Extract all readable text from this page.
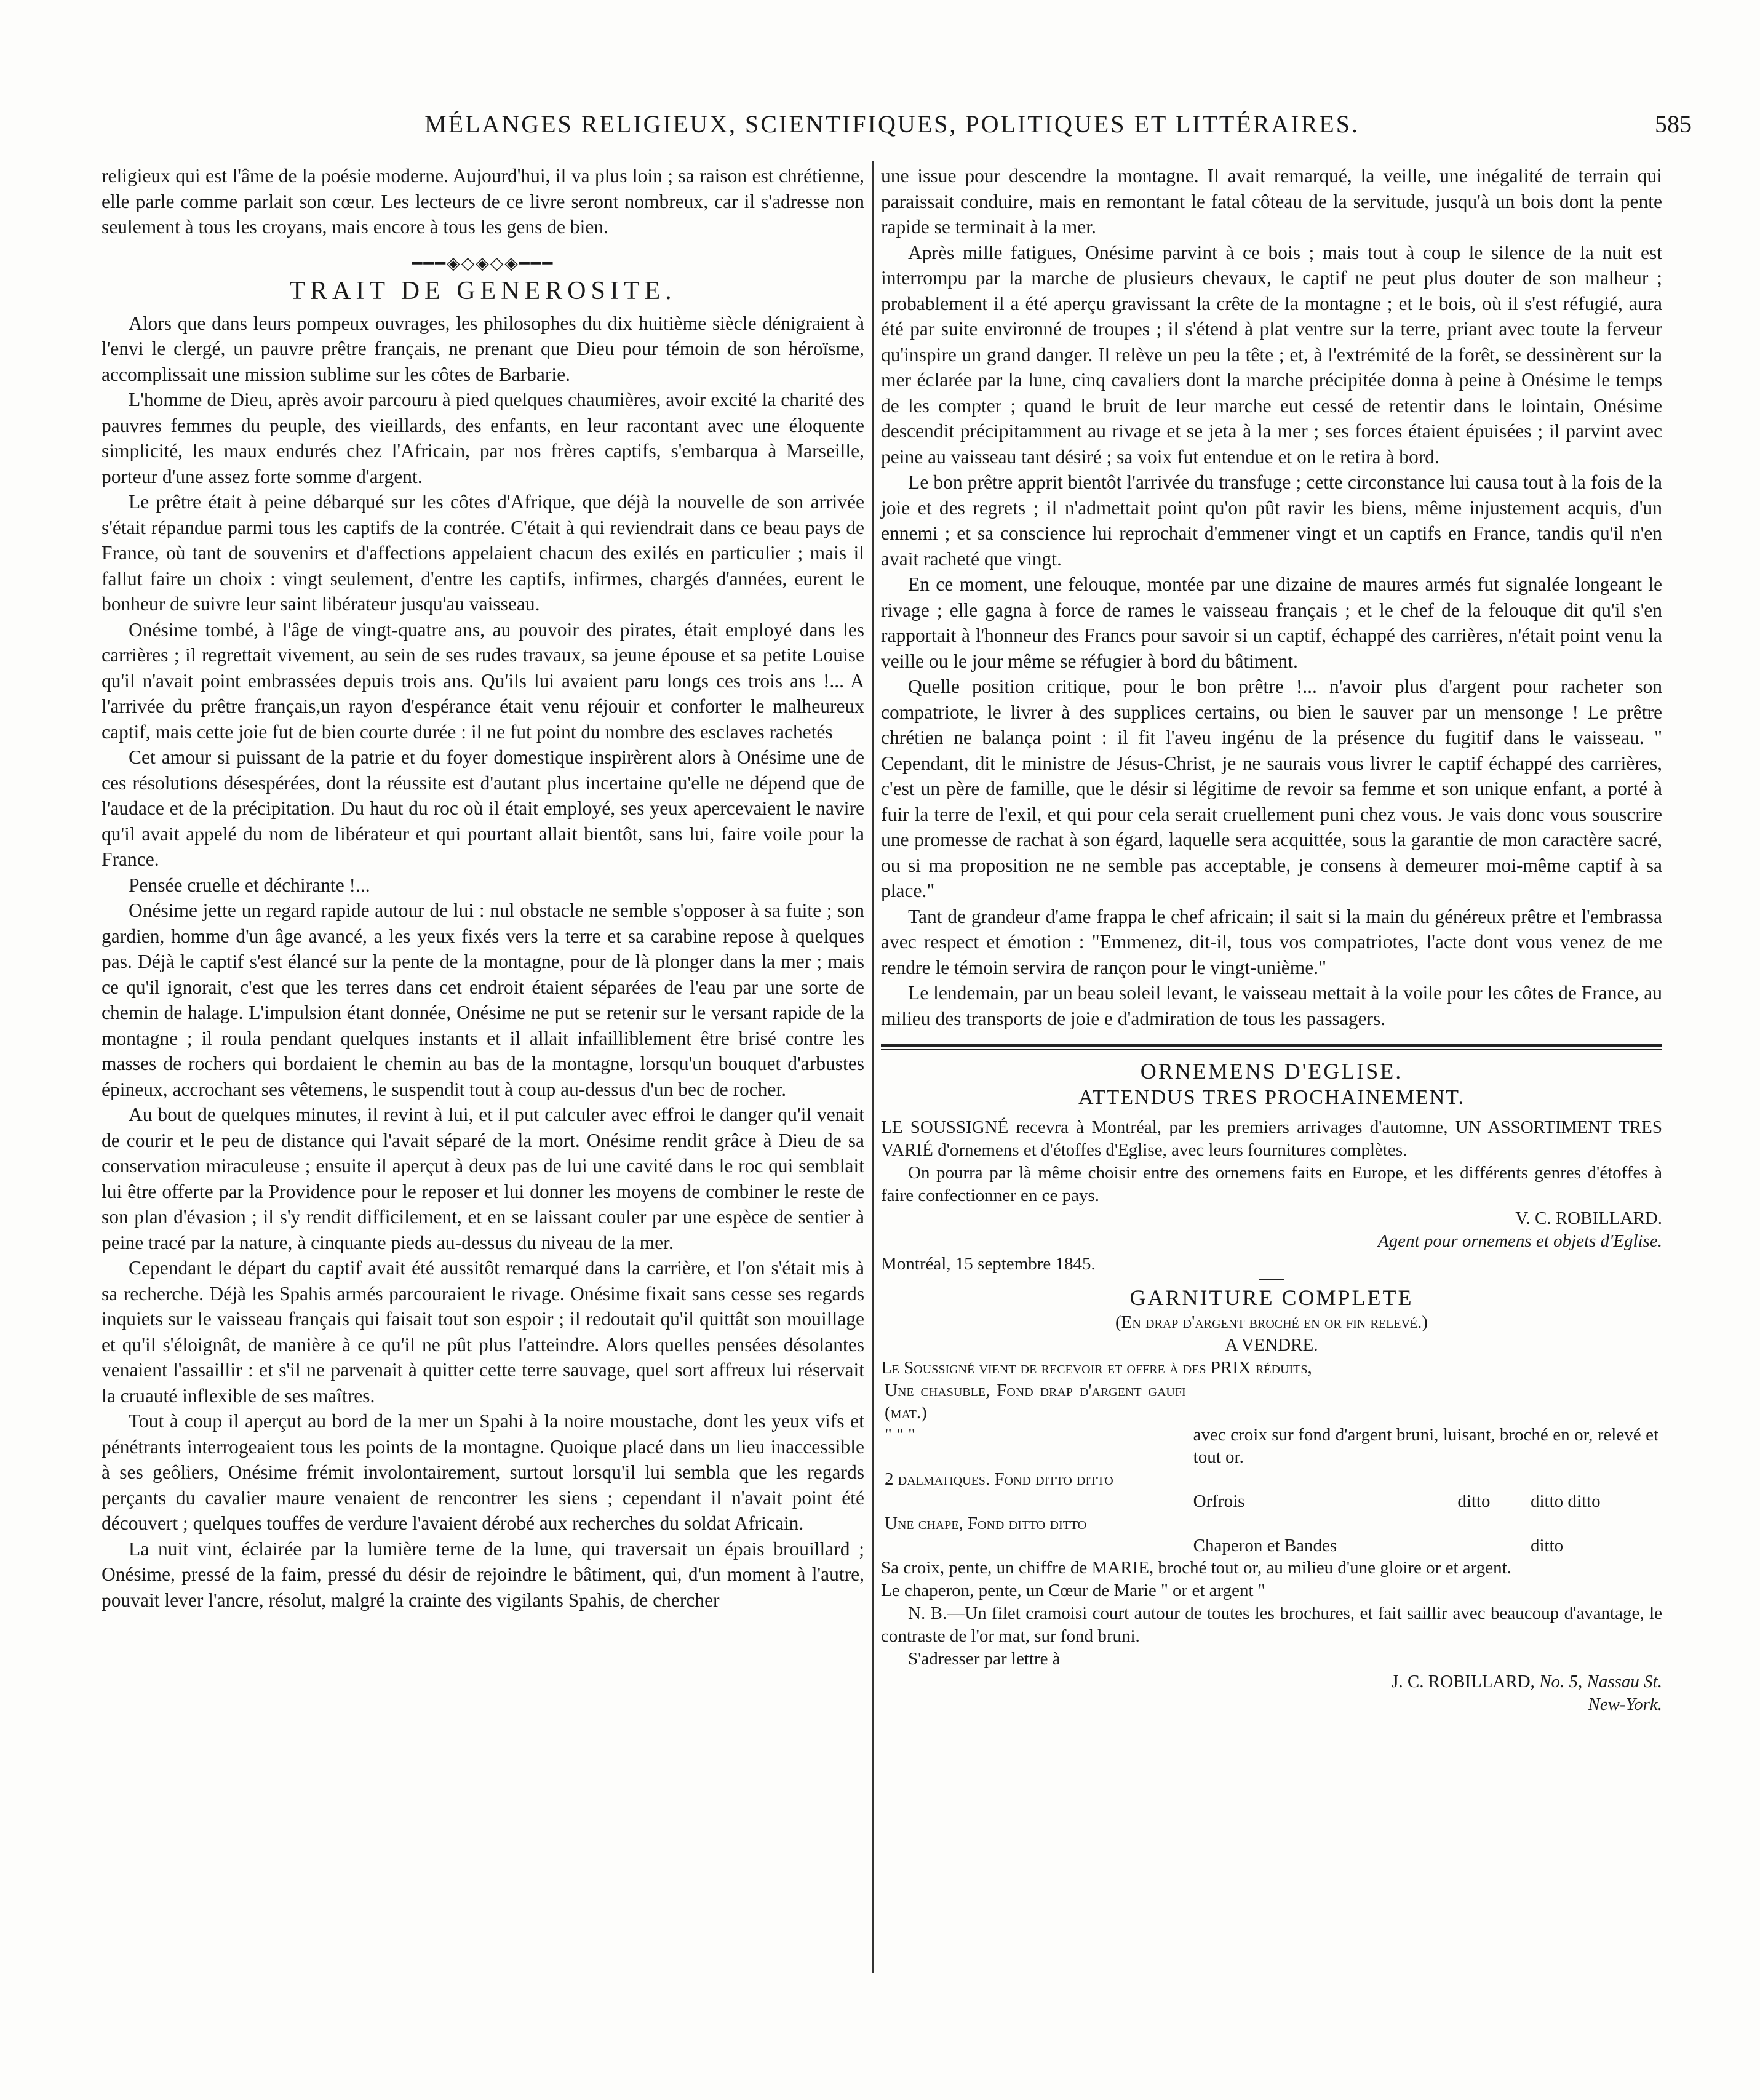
MÉLANGES RELIGIEUX, SCIENTIFIQUES, POLITIQUES ET LITTÉRAIRES.	585

religieux qui est l'âme de la poésie moderne. Aujourd'hui, il va plus loin ; sa raison est chrétienne, elle parle comme parlait son cœur. Les lecteurs de ce livre seront nombreux, car il s'adresse non seulement à tous les croyans, mais encore à tous les gens de bien.

━━━◈◇◈◇◈━━━
TRAIT DE GENEROSITE.

Alors que dans leurs pompeux ouvrages, les philosophes du dix huitième siècle dénigraient à l'envi le clergé, un pauvre prêtre français, ne prenant que Dieu pour témoin de son héroïsme, accomplissait une mission sublime sur les côtes de Barbarie.

L'homme de Dieu, après avoir parcouru à pied quelques chaumières, avoir excité la charité des pauvres femmes du peuple, des vieillards, des enfants, en leur racontant avec une éloquente simplicité, les maux endurés chez l'Africain, par nos frères captifs, s'embarqua à Marseille, porteur d'une assez forte somme d'argent.

Le prêtre était à peine débarqué sur les côtes d'Afrique, que déjà la nouvelle de son arrivée s'était répandue parmi tous les captifs de la contrée. C'était à qui reviendrait dans ce beau pays de France, où tant de souvenirs et d'affections appelaient chacun des exilés en particulier ; mais il fallut faire un choix : vingt seulement, d'entre les captifs, infirmes, chargés d'années, eurent le bonheur de suivre leur saint libérateur jusqu'au vaisseau.

Onésime tombé, à l'âge de vingt-quatre ans, au pouvoir des pirates, était employé dans les carrières ; il regrettait vivement, au sein de ses rudes travaux, sa jeune épouse et sa petite Louise qu'il n'avait point embrassées depuis trois ans. Qu'ils lui avaient paru longs ces trois ans !... A l'arrivée du prêtre français,un rayon d'espérance était venu réjouir et conforter le malheureux captif, mais cette joie fut de bien courte durée : il ne fut point du nombre des esclaves rachetés

Cet amour si puissant de la patrie et du foyer domestique inspirèrent alors à Onésime une de ces résolutions désespérées, dont la réussite est d'autant plus incertaine qu'elle ne dépend que de l'audace et de la précipitation. Du haut du roc où il était employé, ses yeux apercevaient le navire qu'il avait appelé du nom de libérateur et qui pourtant allait bientôt, sans lui, faire voile pour la France.

Pensée cruelle et déchirante !...

Onésime jette un regard rapide autour de lui : nul obstacle ne semble s'opposer à sa fuite ; son gardien, homme d'un âge avancé, a les yeux fixés vers la terre et sa carabine repose à quelques pas. Déjà le captif s'est élancé sur la pente de la montagne, pour de là plonger dans la mer ; mais ce qu'il ignorait, c'est que les terres dans cet endroit étaient séparées de l'eau par une sorte de chemin de halage. L'impulsion étant donnée, Onésime ne put se retenir sur le versant rapide de la montagne ; il roula pendant quelques instants et il allait infailliblement être brisé contre les masses de rochers qui bordaient le chemin au bas de la montagne, lorsqu'un bouquet d'arbustes épineux, accrochant ses vêtemens, le suspendit tout à coup au-dessus d'un bec de rocher.

Au bout de quelques minutes, il revint à lui, et il put calculer avec effroi le danger qu'il venait de courir et le peu de distance qui l'avait séparé de la mort. Onésime rendit grâce à Dieu de sa conservation miraculeuse ; ensuite il aperçut à deux pas de lui une cavité dans le roc qui semblait lui être offerte par la Providence pour le reposer et lui donner les moyens de combiner le reste de son plan d'évasion ; il s'y rendit difficilement, et en se laissant couler par une espèce de sentier à peine tracé par la nature, à cinquante pieds au-dessus du niveau de la mer.

Cependant le départ du captif avait été aussitôt remarqué dans la carrière, et l'on s'était mis à sa recherche. Déjà les Spahis armés parcouraient le rivage. Onésime fixait sans cesse ses regards inquiets sur le vaisseau français qui faisait tout son espoir ; il redoutait qu'il quittât son mouillage et qu'il s'éloignât, de manière à ce qu'il ne pût plus l'atteindre. Alors quelles pensées désolantes venaient l'assaillir : et s'il ne parvenait à quitter cette terre sauvage, quel sort affreux lui réservait la cruauté inflexible de ses maîtres.

Tout à coup il aperçut au bord de la mer un Spahi à la noire moustache, dont les yeux vifs et pénétrants interrogeaient tous les points de la montagne. Quoique placé dans un lieu inaccessible à ses geôliers, Onésime frémit involontairement, surtout lorsqu'il lui sembla que les regards perçants du cavalier maure venaient de rencontrer les siens ; cependant il n'avait point été découvert ; quelques touffes de verdure l'avaient dérobé aux recherches du soldat Africain.

La nuit vint, éclairée par la lumière terne de la lune, qui traversait un épais brouillard ; Onésime, pressé de la faim, pressé du désir de rejoindre le bâtiment, qui, d'un moment à l'autre, pouvait lever l'ancre, résolut, malgré la crainte des vigilants Spahis, de chercher

une issue pour descendre la montagne. Il avait remarqué, la veille, une inégalité de terrain qui paraissait conduire, mais en remontant le fatal côteau de la servitude, jusqu'à un bois dont la pente rapide se terminait à la mer.

Après mille fatigues, Onésime parvint à ce bois ; mais tout à coup le silence de la nuit est interrompu par la marche de plusieurs chevaux, le captif ne peut plus douter de son malheur ; probablement il a été aperçu gravissant la crête de la montagne ; et le bois, où il s'est réfugié, aura été par suite environné de troupes ; il s'étend à plat ventre sur la terre, priant avec toute la ferveur qu'inspire un grand danger. Il relève un peu la tête ; et, à l'extrémité de la forêt, se dessinèrent sur la mer éclarée par la lune, cinq cavaliers dont la marche précipitée donna à peine à Onésime le temps de les compter ; quand le bruit de leur marche eut cessé de retentir dans le lointain, Onésime descendit précipitamment au rivage et se jeta à la mer ; ses forces étaient épuisées ; il parvint avec peine au vaisseau tant désiré ; sa voix fut entendue et on le retira à bord.

Le bon prêtre apprit bientôt l'arrivée du transfuge ; cette circonstance lui causa tout à la fois de la joie et des regrets ; il n'admettait point qu'on pût ravir les biens, même injustement acquis, d'un ennemi ; et sa conscience lui reprochait d'emmener vingt et un captifs en France, tandis qu'il n'en avait racheté que vingt.

En ce moment, une felouque, montée par une dizaine de maures armés fut signalée longeant le rivage ; elle gagna à force de rames le vaisseau français ; et le chef de la felouque dit qu'il s'en rapportait à l'honneur des Francs pour savoir si un captif, échappé des carrières, n'était point venu la veille ou le jour même se réfugier à bord du bâtiment.

Quelle position critique, pour le bon prêtre !... n'avoir plus d'argent pour racheter son compatriote, le livrer à des supplices certains, ou bien le sauver par un mensonge ! Le prêtre chrétien ne balança point : il fit l'aveu ingénu de la présence du fugitif dans le vaisseau. " Cependant, dit le ministre de Jésus-Christ, je ne saurais vous livrer le captif échappé des carrières, c'est un père de famille, que le désir si légitime de revoir sa femme et son unique enfant, a porté à fuir la terre de l'exil, et qui pour cela serait cruellement puni chez vous. Je vais donc vous souscrire une promesse de rachat à son égard, laquelle sera acquittée, sous la garantie de mon caractère sacré, ou si ma proposition ne ne semble pas acceptable, je consens à demeurer moi-même captif à sa place."

Tant de grandeur d'ame frappa le chef africain; il sait si la main du généreux prêtre et l'embrassa avec respect et émotion : "Emmenez, dit-il, tous vos compatriotes, l'acte dont vous venez de me rendre le témoin servira de rançon pour le vingt-unième."

Le lendemain, par un beau soleil levant, le vaisseau mettait à la voile pour les côtes de France, au milieu des transports de joie e d'admiration de tous les passagers.

ORNEMENS D'EGLISE.
ATTENDUS TRES PROCHAINEMENT.

LE SOUSSIGNÉ recevra à Montréal, par les premiers arrivages d'automne, UN ASSORTIMENT TRES VARIÉ d'ornemens et d'étoffes d'Eglise, avec leurs fournitures complètes.

On pourra par là même choisir entre des ornemens faits en Europe, et les différents genres d'étoffes à faire confectionner en ce pays.

V. C. ROBILLARD.
Agent pour ornemens et objets d'Eglise.
Montréal, 15 septembre 1845.
GARNITURE COMPLETE
(En drap d'argent broché en or fin relevé.)
A VENDRE.
Le Soussigné vient de recevoir et offre à des PRIX réduits,
Une chasuble, Fond drap d'argent gaufi (mat.)			
" " "	avec croix sur fond d'argent bruni, luisant, broché en or, relevé et tout or.		
2 dalmatiques. Fond ditto ditto			
	Orfrois	ditto	ditto ditto
Une chape, Fond ditto ditto			
	Chaperon et Bandes		ditto

Sa croix, pente, un chiffre de MARIE, broché tout or, au milieu d'une gloire or et argent.

Le chaperon, pente, un Cœur de Marie " or et argent "

N. B.—Un filet cramoisi court autour de toutes les brochures, et fait saillir avec beaucoup d'avantage, le contraste de l'or mat, sur fond bruni.

S'adresser par lettre à

J. C. ROBILLARD, No. 5, Nassau St.
New-York.
